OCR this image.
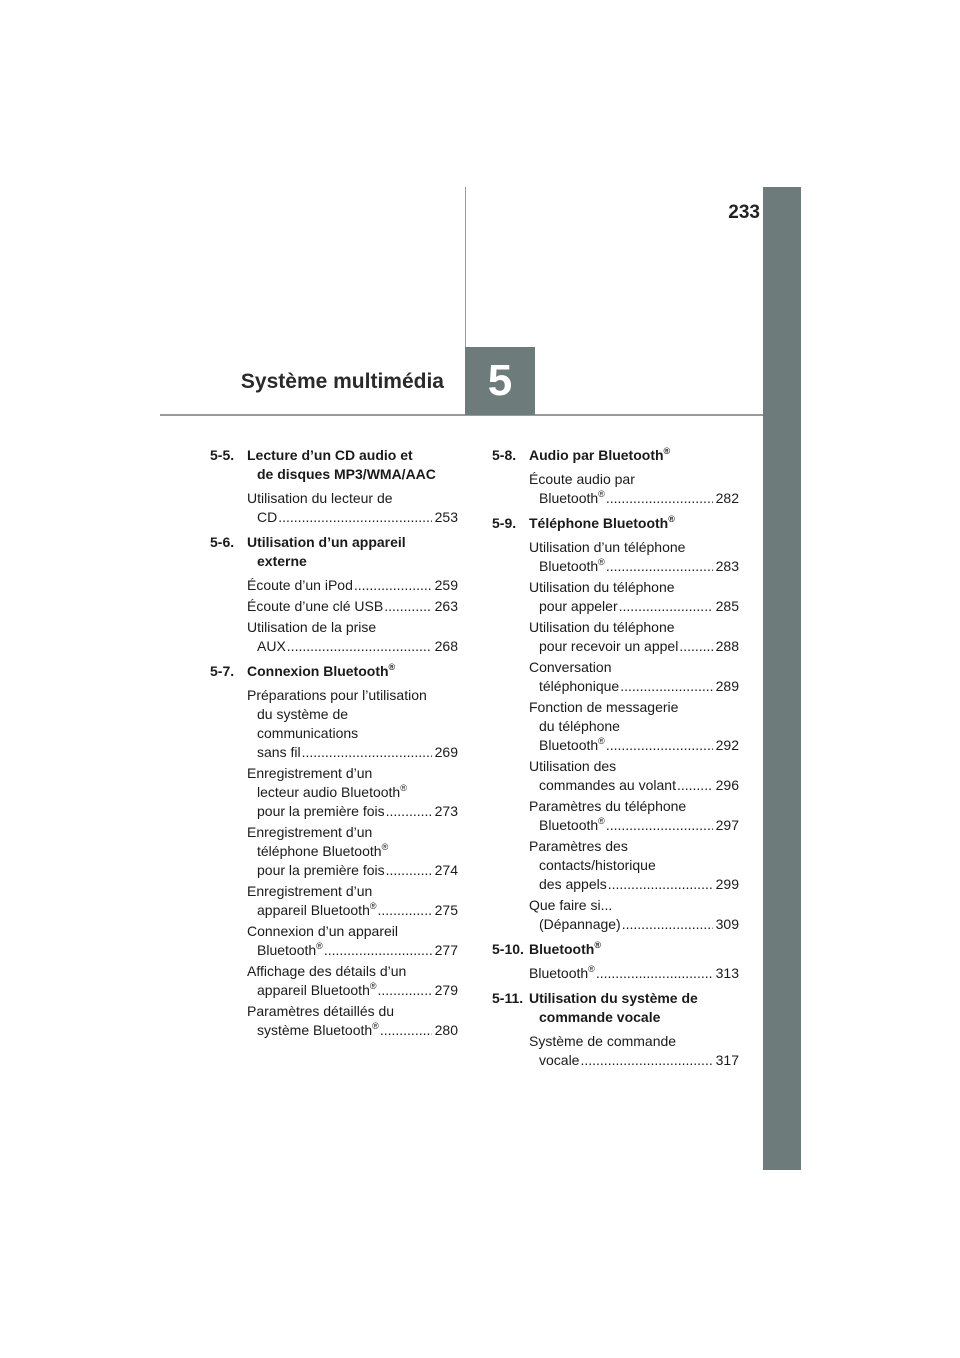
233
Système multimédia 5
5-5. Lecture d’un CD audio et
de disques MP3/WMA/AAC
Utilisation du lecteur de
CD .....	253
5-6. Utilisation d’un appareil
externe
Écoute d’un iPod .....	259
Écoute d’une clé USB .....	263
Utilisation de la prise
AUX .....	268
5-7. Connexion Bluetooth®
Préparations pour l’utilisation
du système de
communications
sans fil .....	269
Enregistrement d’un
lecteur audio Bluetooth®
pour la première fois .....	273
Enregistrement d’un
téléphone Bluetooth®
pour la première fois .....	274
Enregistrement d’un
appareil Bluetooth® .....	275
Connexion d’un appareil
Bluetooth® .....	277
Affichage des détails d’un
appareil Bluetooth® .....	279
Paramètres détaillés du
système Bluetooth® .....	280
5-8. Audio par Bluetooth®
Écoute audio par
Bluetooth® .....	282
5-9. Téléphone Bluetooth®
Utilisation d’un téléphone
Bluetooth® .....	283
Utilisation du téléphone
pour appeler .....	285
Utilisation du téléphone
pour recevoir un appel .....	288
Conversation
téléphonique .....	289
Fonction de messagerie
du téléphone
Bluetooth® .....	292
Utilisation des
commandes au volant .....	296
Paramètres du téléphone
Bluetooth® .....	297
Paramètres des
contacts/historique
des appels .....	299
Que faire si...
(Dépannage) .....	309
5-10. Bluetooth®
Bluetooth® .....	313
5-11. Utilisation du système de
commande vocale
Système de commande
vocale .....	317
